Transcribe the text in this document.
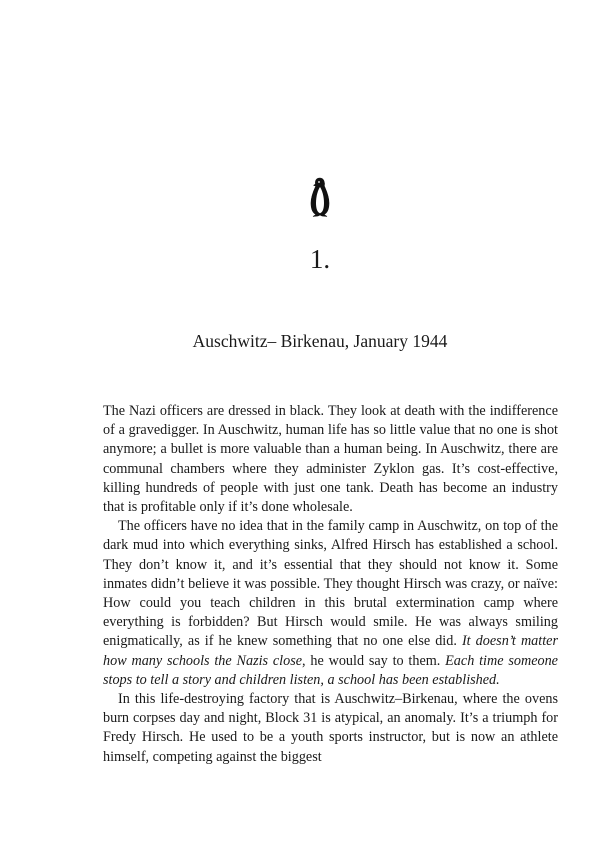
1.
Auschwitz– Birkenau, January 1944

The Nazi officers are dressed in black. They look at death with the indifference of a gravedigger. In Auschwitz, human life has so little value that no one is shot anymore; a bullet is more valuable than a human being. In Auschwitz, there are communal chambers where they administer Zyklon gas. It’s cost-effective, killing hundreds of people with just one tank. Death has become an industry that is profitable only if it’s done wholesale.

The officers have no idea that in the family camp in Auschwitz, on top of the dark mud into which everything sinks, Alfred Hirsch has established a school. They don’t know it, and it’s essential that they should not know it. Some inmates didn’t believe it was possible. They thought Hirsch was crazy, or naïve: How could you teach children in this brutal extermination camp where everything is forbidden? But Hirsch would smile. He was always smiling enigmatically, as if he knew something that no one else did. It doesn’t matter how many schools the Nazis close, he would say to them. Each time someone stops to tell a story and children listen, a school has been established.

In this life-destroying factory that is Auschwitz–Birkenau, where the ovens burn corpses day and night, Block 31 is atypical, an anomaly. It’s a triumph for Fredy Hirsch. He used to be a youth sports instructor, but is now an athlete himself, competing against the biggest
